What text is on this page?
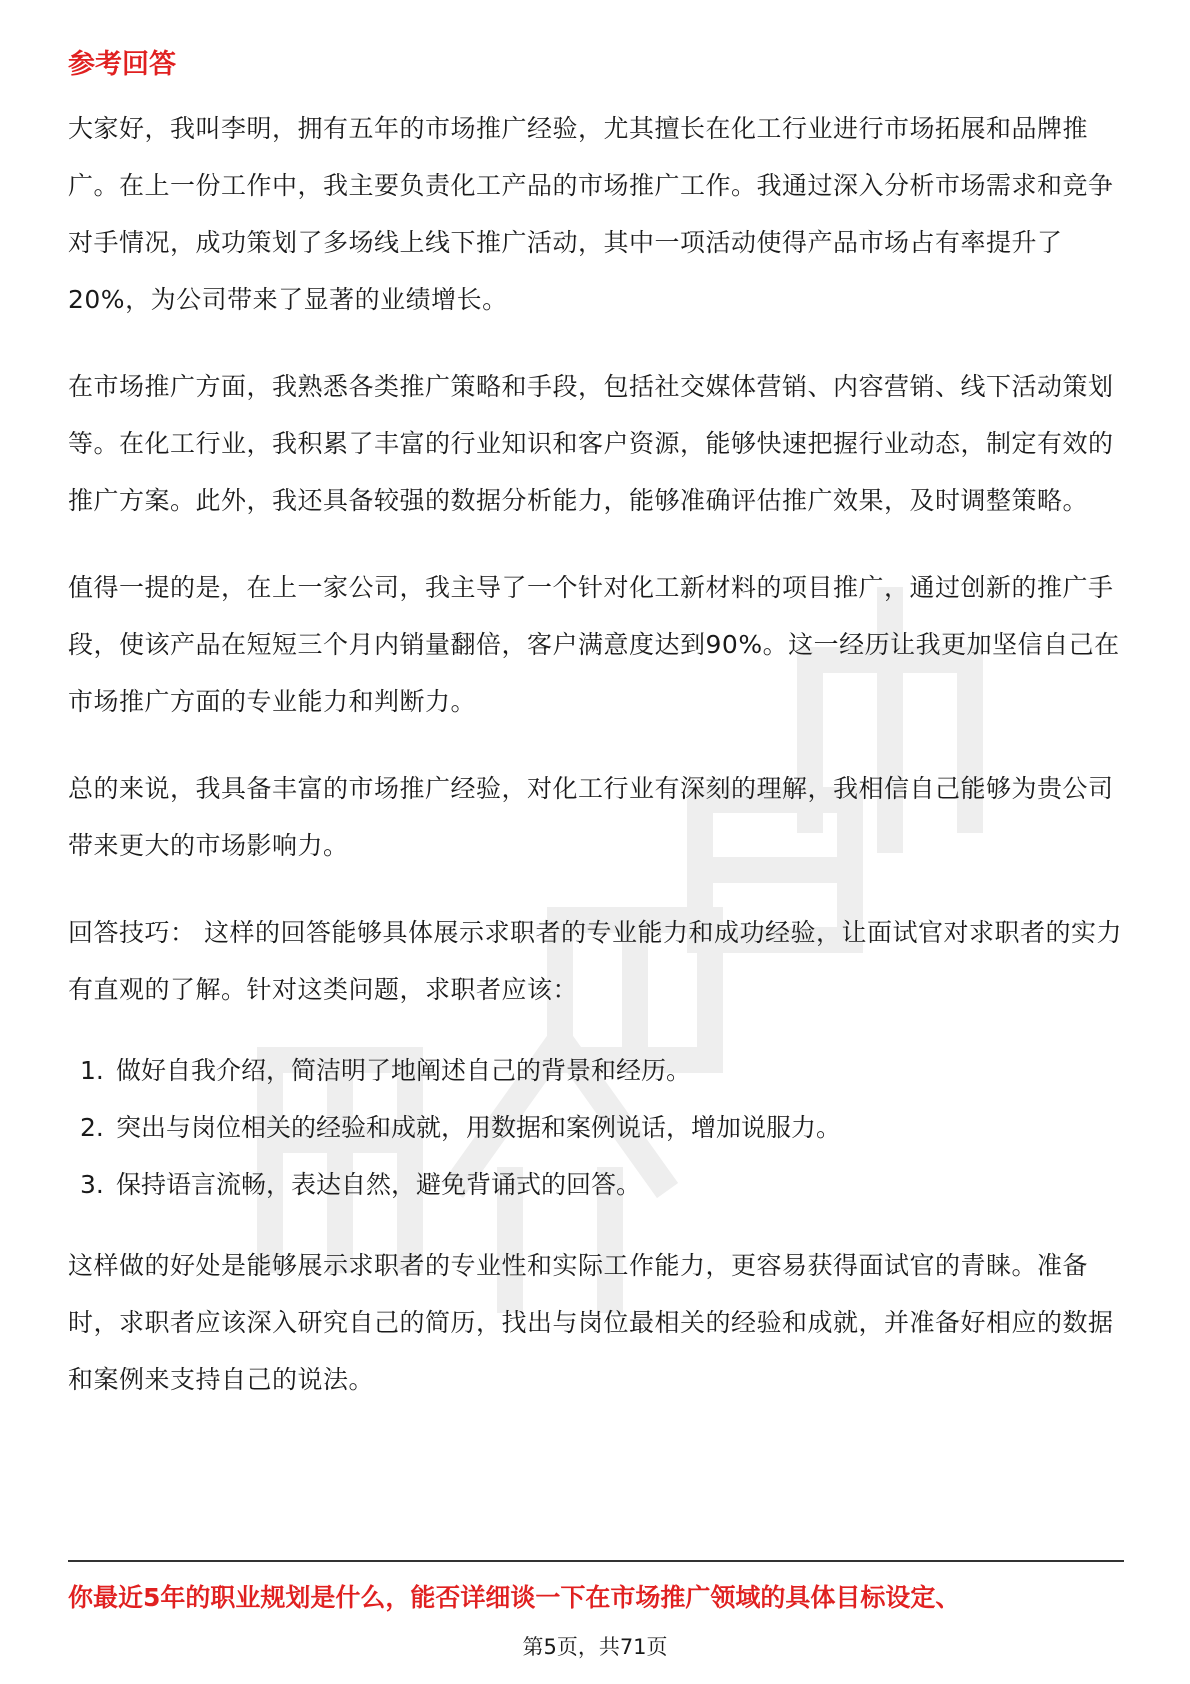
参考回答

大家好，我叫李明，拥有五年的市场推广经验，尤其擅长在化工行业进行市场拓展和品牌推广。在上一份工作中，我主要负责化工产品的市场推广工作。我通过深入分析市场需求和竞争对手情况，成功策划了多场线上线下推广活动，其中一项活动使得产品市场占有率提升了20%，为公司带来了显著的业绩增长。

在市场推广方面，我熟悉各类推广策略和手段，包括社交媒体营销、内容营销、线下活动策划等。在化工行业，我积累了丰富的行业知识和客户资源，能够快速把握行业动态，制定有效的推广方案。此外，我还具备较强的数据分析能力，能够准确评估推广效果，及时调整策略。

值得一提的是，在上一家公司，我主导了一个针对化工新材料的项目推广，通过创新的推广手段，使该产品在短短三个月内销量翻倍，客户满意度达到90%。这一经历让我更加坚信自己在市场推广方面的专业能力和判断力。

总的来说，我具备丰富的市场推广经验，对化工行业有深刻的理解，我相信自己能够为贵公司带来更大的市场影响力。

回答技巧： 这样的回答能够具体展示求职者的专业能力和成功经验，让面试官对求职者的实力有直观的了解。针对这类问题，求职者应该：

1. 做好自我介绍，简洁明了地阐述自己的背景和经历。
2. 突出与岗位相关的经验和成就，用数据和案例说话，增加说服力。
3. 保持语言流畅，表达自然，避免背诵式的回答。

这样做的好处是能够展示求职者的专业性和实际工作能力，更容易获得面试官的青睐。准备时，求职者应该深入研究自己的简历，找出与岗位最相关的经验和成就，并准备好相应的数据和案例来支持自己的说法。

你最近5年的职业规划是什么，能否详细谈一下在市场推广领域的具体目标设定、
第5页，共71页
